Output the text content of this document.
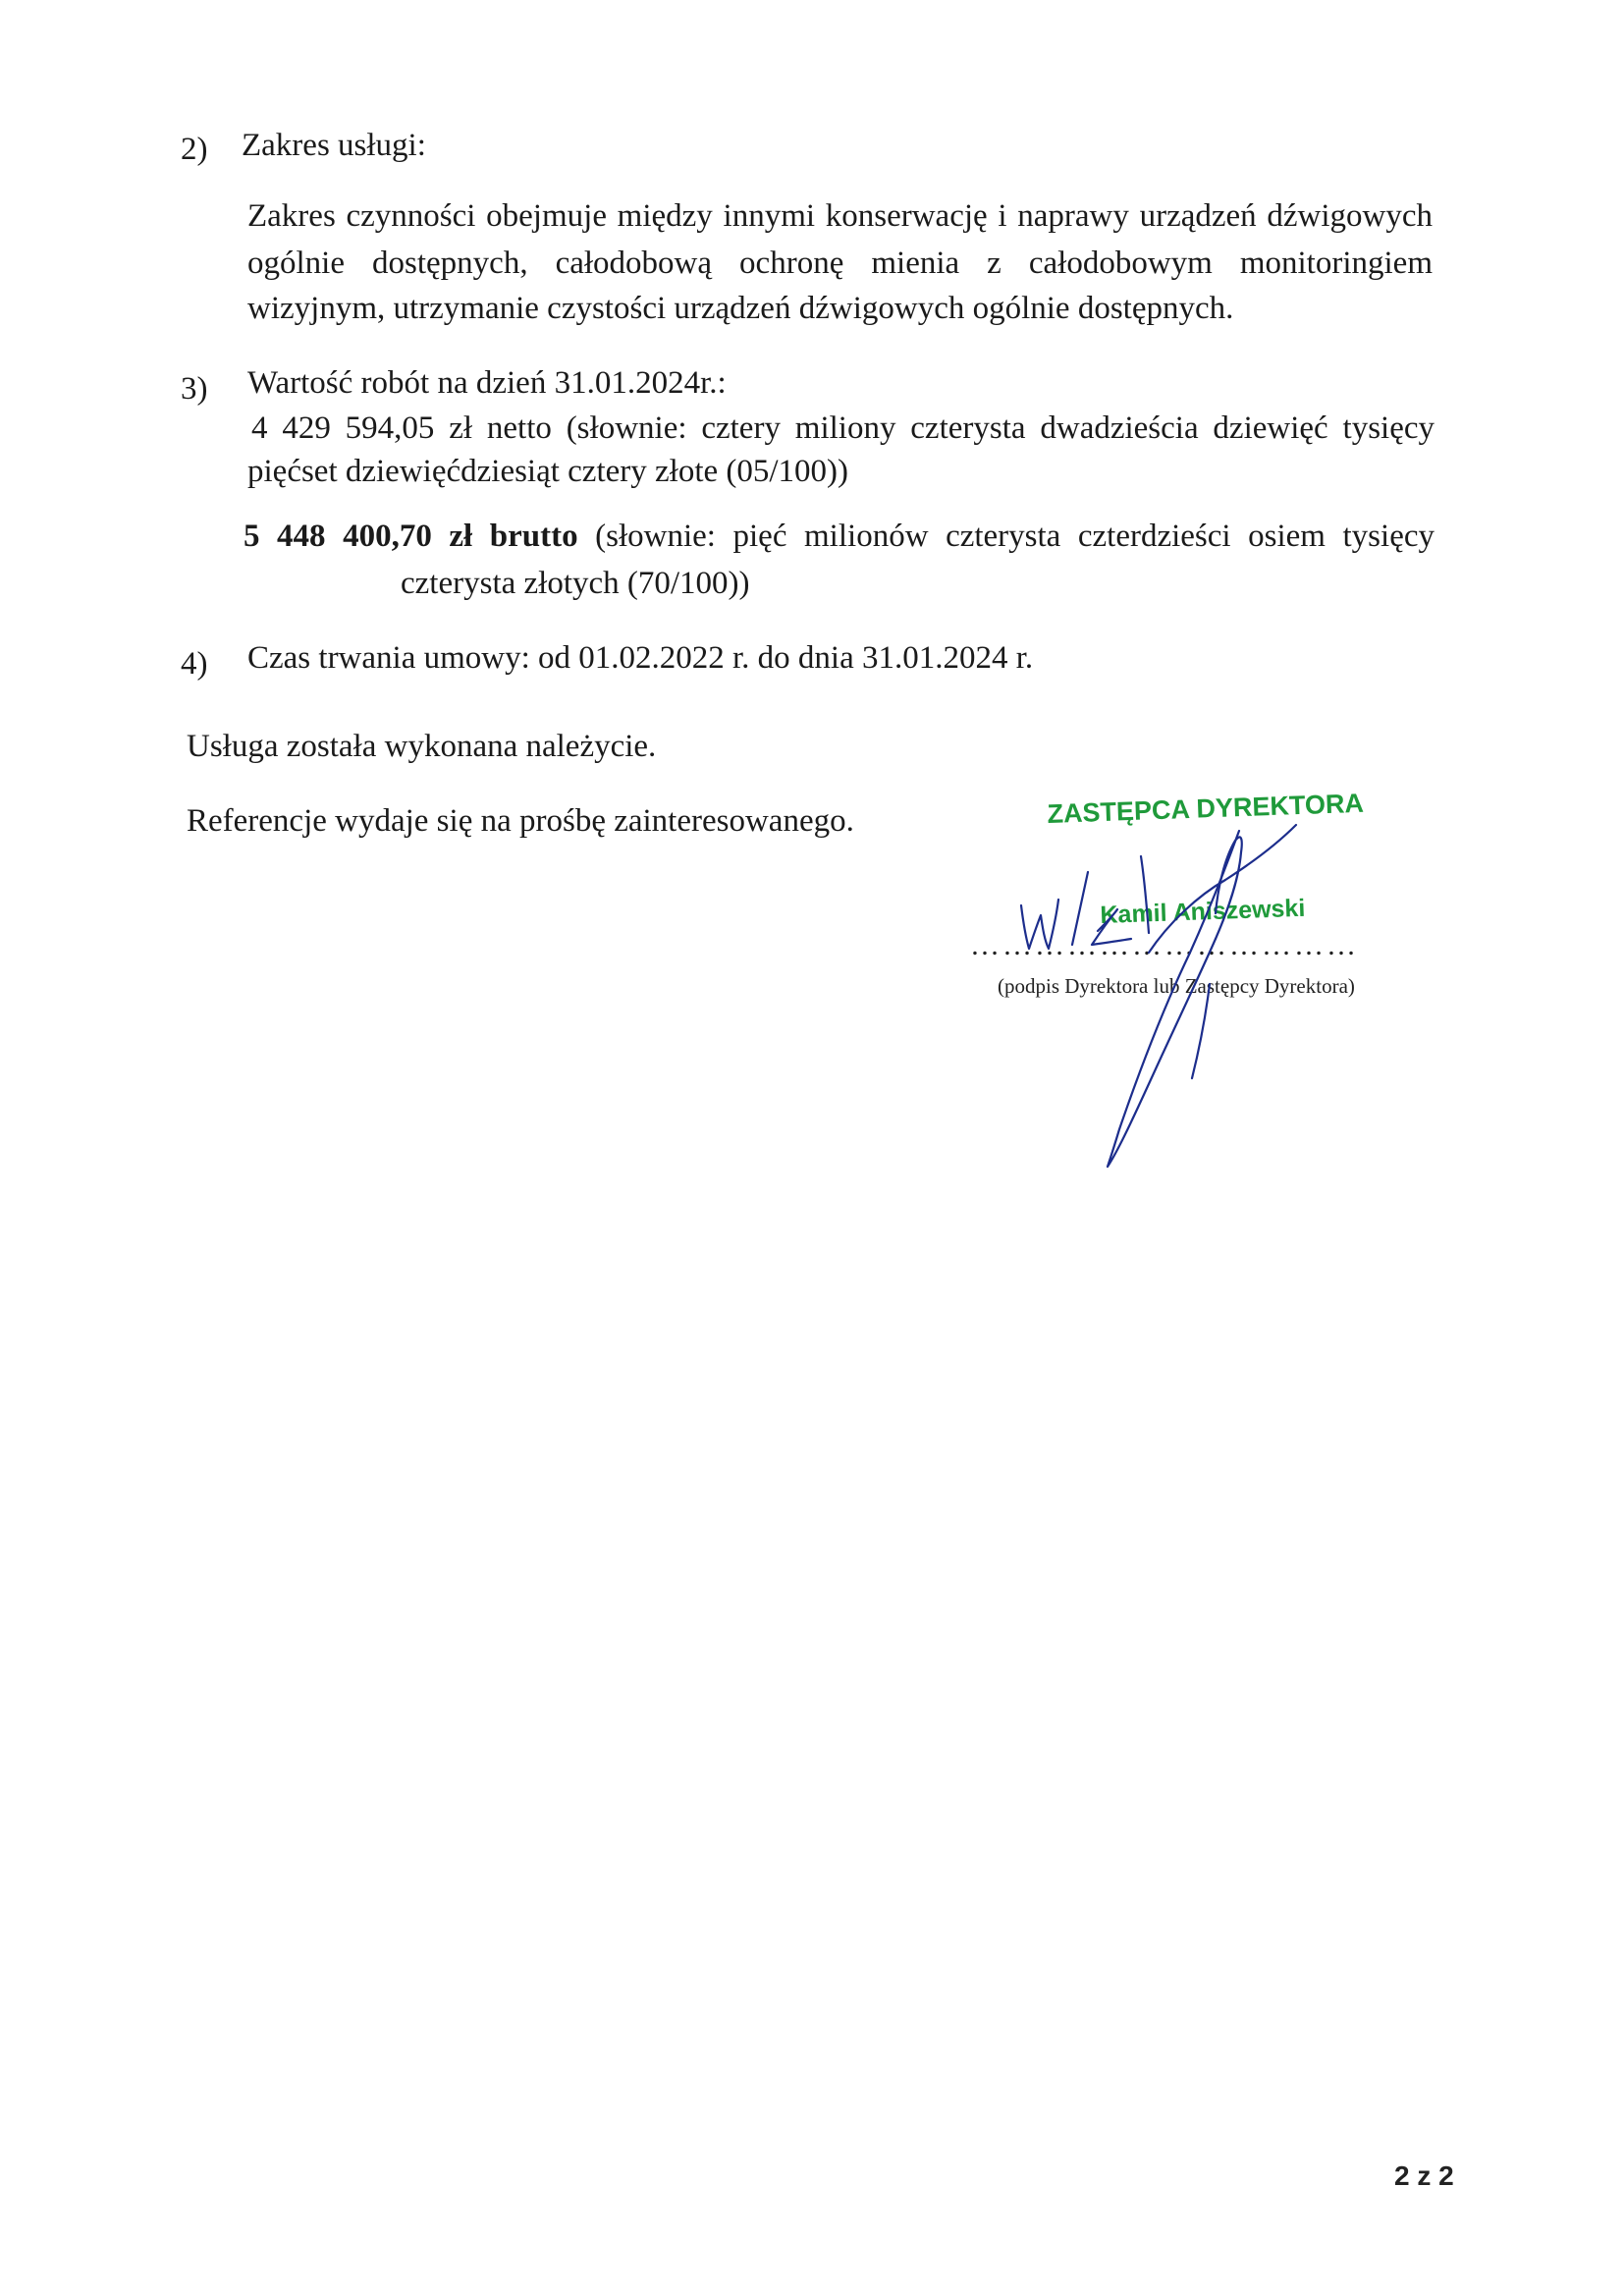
2) Zakres usługi:
Zakres czynności obejmuje między innymi konserwację i naprawy urządzeń dźwigowych
ogólnie dostępnych, całodobową ochronę mienia z całodobowym monitoringiem
wizyjnym, utrzymanie czystości urządzeń dźwigowych ogólnie dostępnych.
3) Wartość robót na dzień 31.01.2024r.:
4 429 594,05 zł netto (słownie: cztery miliony czterysta dwadzieścia dziewięć tysięcy
pięćset dziewięćdziesiąt cztery złote (05/100))
5 448 400,70 zł brutto (słownie: pięć milionów czterysta czterdzieści osiem tysięcy
czterysta złotych (70/100))
4) Czas trwania umowy: od 01.02.2022 r. do dnia 31.01.2024 r.
Usługa została wykonana należycie.
Referencje wydaje się na prośbę zainteresowanego.	ZASTĘPCA DYREKTORA
Kamil Aniszewski
………………………………
(podpis Dyrektora lub Zastępcy Dyrektora)
2 z 2
